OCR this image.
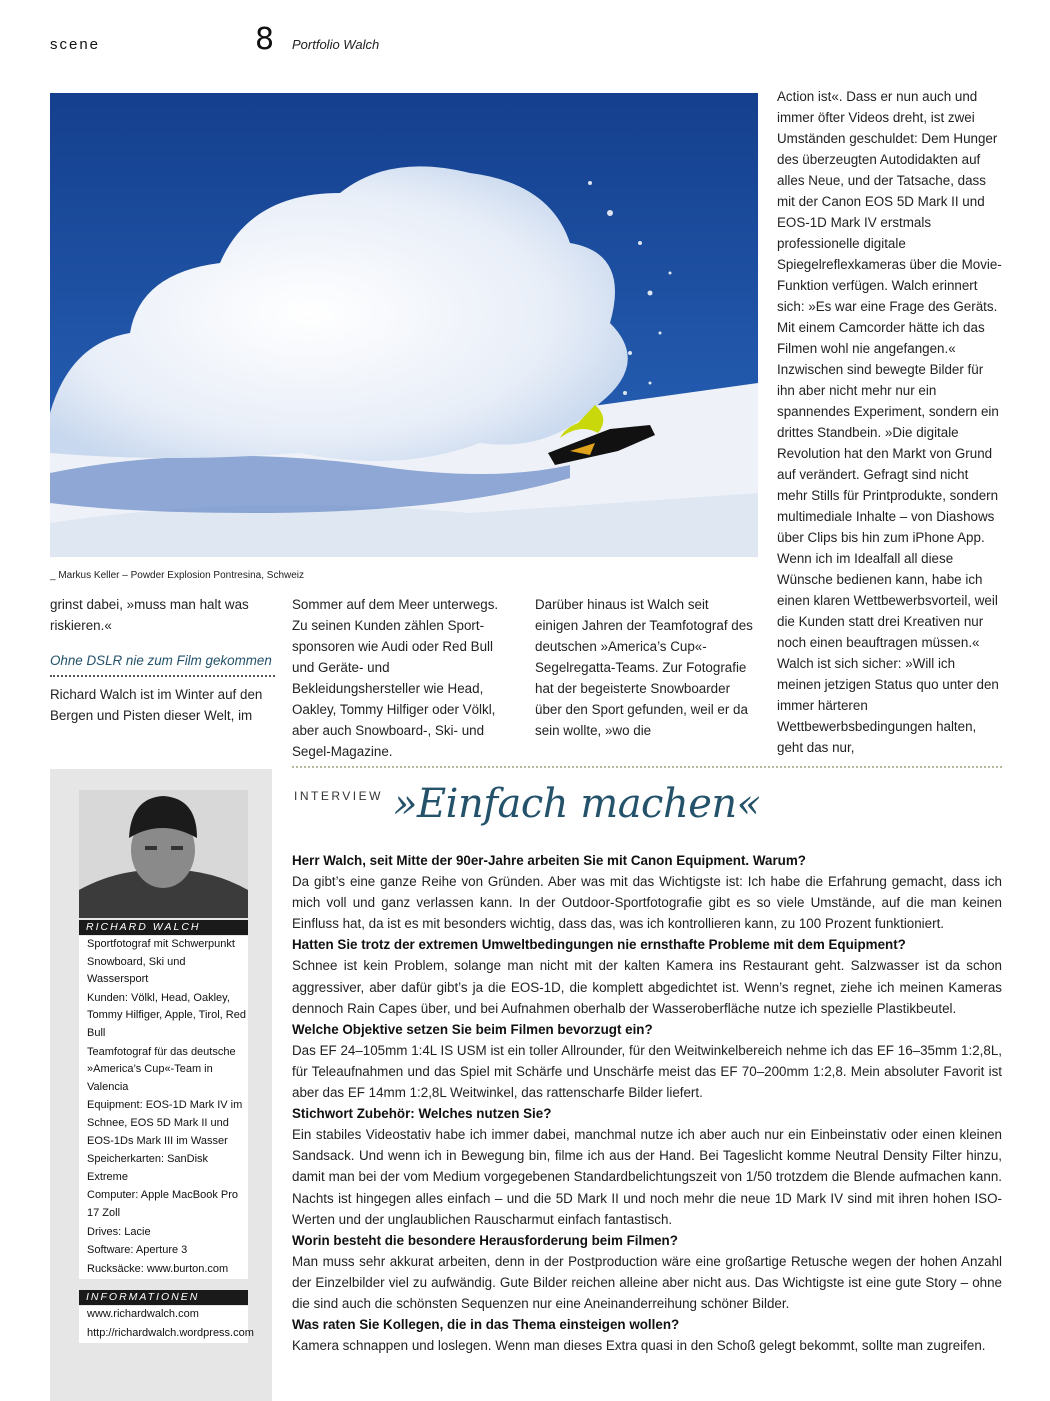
scene	8 Portfolio Walch
_ Markus Keller – Powder Explosion Pontresina, Schweiz

grinst dabei, »muss man halt was riskieren.«

Ohne DSLR nie zum Film gekommen

Richard Walch ist im Winter auf den Bergen und Pisten dieser Welt, im

Sommer auf dem Meer unterwegs. Zu seinen Kunden zählen Sportsponsoren wie Audi oder Red Bull und Geräte- und Bekleidungshersteller wie Head, Oakley, Tommy Hilfiger oder Völkl, aber auch Snowboard-, Ski- und Segel-Magazine.

Darüber hinaus ist Walch seit einigen Jahren der Teamfotograf des deutschen »America’s Cup«-Segelregatta-Teams. Zur Fotografie hat der begeisterte Snowboarder über den Sport gefunden, weil er da sein wollte, »wo die

Action ist«. Dass er nun auch und immer öfter Videos dreht, ist zwei Umständen geschuldet: Dem Hunger des überzeugten Autodidakten auf alles Neue, und der Tatsache, dass mit der Canon EOS 5D Mark II und EOS-1D Mark IV erstmals professionelle digitale Spiegelreflexkameras über die Movie-Funktion verfügen. Walch erinnert sich: »Es war eine Frage des Geräts. Mit einem Camcorder hätte ich das Filmen wohl nie angefangen.« Inzwischen sind bewegte Bilder für ihn aber nicht mehr nur ein spannendes Experiment, sondern ein drittes Standbein. »Die digitale Revolution hat den Markt von Grund auf verändert. Gefragt sind nicht mehr Stills für Printprodukte, sondern multimediale Inhalte – von Diashows über Clips bis hin zum iPhone App. Wenn ich im Idealfall all diese Wünsche bedienen kann, habe ich einen klaren Wettbewerbsvorteil, weil die Kunden statt drei Kreativen nur noch einen beauftragen müssen.« Walch ist sich sicher: »Will ich meinen jetzigen Status quo unter den immer härteren Wettbewerbsbedingungen halten, geht das nur,

RICHARD WALCH
Sportfotograf mit Schwerpunkt Snowboard, Ski und Wassersport
Kunden: Völkl, Head, Oakley, Tommy Hilfiger, Apple, Tirol, Red Bull
Teamfotograf für das deutsche »America’s Cup«-Team in Valencia
Equipment: EOS-1D Mark IV im Schnee, EOS 5D Mark II und EOS-1Ds Mark III im Wasser
Speicherkarten: SanDisk Extreme
Computer: Apple MacBook Pro 17 Zoll
Drives: Lacie
Software: Aperture 3
Rucksäcke: www.burton.com
INFORMATIONEN
www.richardwalch.com
http://richardwalch.wordpress.com
INTERVIEW »Einfach machen«

Herr Walch, seit Mitte der 90er-Jahre arbeiten Sie mit Canon Equipment. Warum?

Da gibt’s eine ganze Reihe von Gründen. Aber was mit das Wichtigste ist: Ich habe die Erfahrung gemacht, dass ich mich voll und ganz verlassen kann. In der Outdoor-Sportfotografie gibt es so viele Umstände, auf die man keinen Einfluss hat, da ist es mit besonders wichtig, dass das, was ich kontrollieren kann, zu 100 Prozent funktioniert.

Hatten Sie trotz der extremen Umweltbedingungen nie ernsthafte Probleme mit dem Equipment?

Schnee ist kein Problem, solange man nicht mit der kalten Kamera ins Restaurant geht. Salzwasser ist da schon aggressiver, aber dafür gibt’s ja die EOS-1D, die komplett abgedichtet ist. Wenn’s regnet, ziehe ich meinen Kameras dennoch Rain Capes über, und bei Aufnahmen oberhalb der Wasseroberfläche nutze ich spezielle Plastikbeutel.

Welche Objektive setzen Sie beim Filmen bevorzugt ein?

Das EF 24–105mm 1:4L IS USM ist ein toller Allrounder, für den Weitwinkelbereich nehme ich das EF 16–35mm 1:2,8L, für Teleaufnahmen und das Spiel mit Schärfe und Unschärfe meist das EF 70–200mm 1:2,8. Mein absoluter Favorit ist aber das EF 14mm 1:2,8L Weitwinkel, das rattenscharfe Bilder liefert.

Stichwort Zubehör: Welches nutzen Sie?

Ein stabiles Videostativ habe ich immer dabei, manchmal nutze ich aber auch nur ein Einbeinstativ oder einen kleinen Sandsack. Und wenn ich in Bewegung bin, filme ich aus der Hand. Bei Tageslicht komme Neutral Density Filter hinzu, damit man bei der vom Medium vorgegebenen Standardbelichtungszeit von 1/50 trotzdem die Blende aufmachen kann. Nachts ist hingegen alles einfach – und die 5D Mark II und noch mehr die neue 1D Mark IV sind mit ihren hohen ISO-Werten und der unglaublichen Rauscharmut einfach fantastisch.

Worin besteht die besondere Herausforderung beim Filmen?

Man muss sehr akkurat arbeiten, denn in der Postproduction wäre eine großartige Retusche wegen der hohen Anzahl der Einzelbilder viel zu aufwändig. Gute Bilder reichen alleine aber nicht aus. Das Wichtigste ist eine gute Story – ohne die sind auch die schönsten Sequenzen nur eine Aneinanderreihung schöner Bilder.

Was raten Sie Kollegen, die in das Thema einsteigen wollen?

Kamera schnappen und loslegen. Wenn man dieses Extra quasi in den Schoß gelegt bekommt, sollte man zugreifen.
